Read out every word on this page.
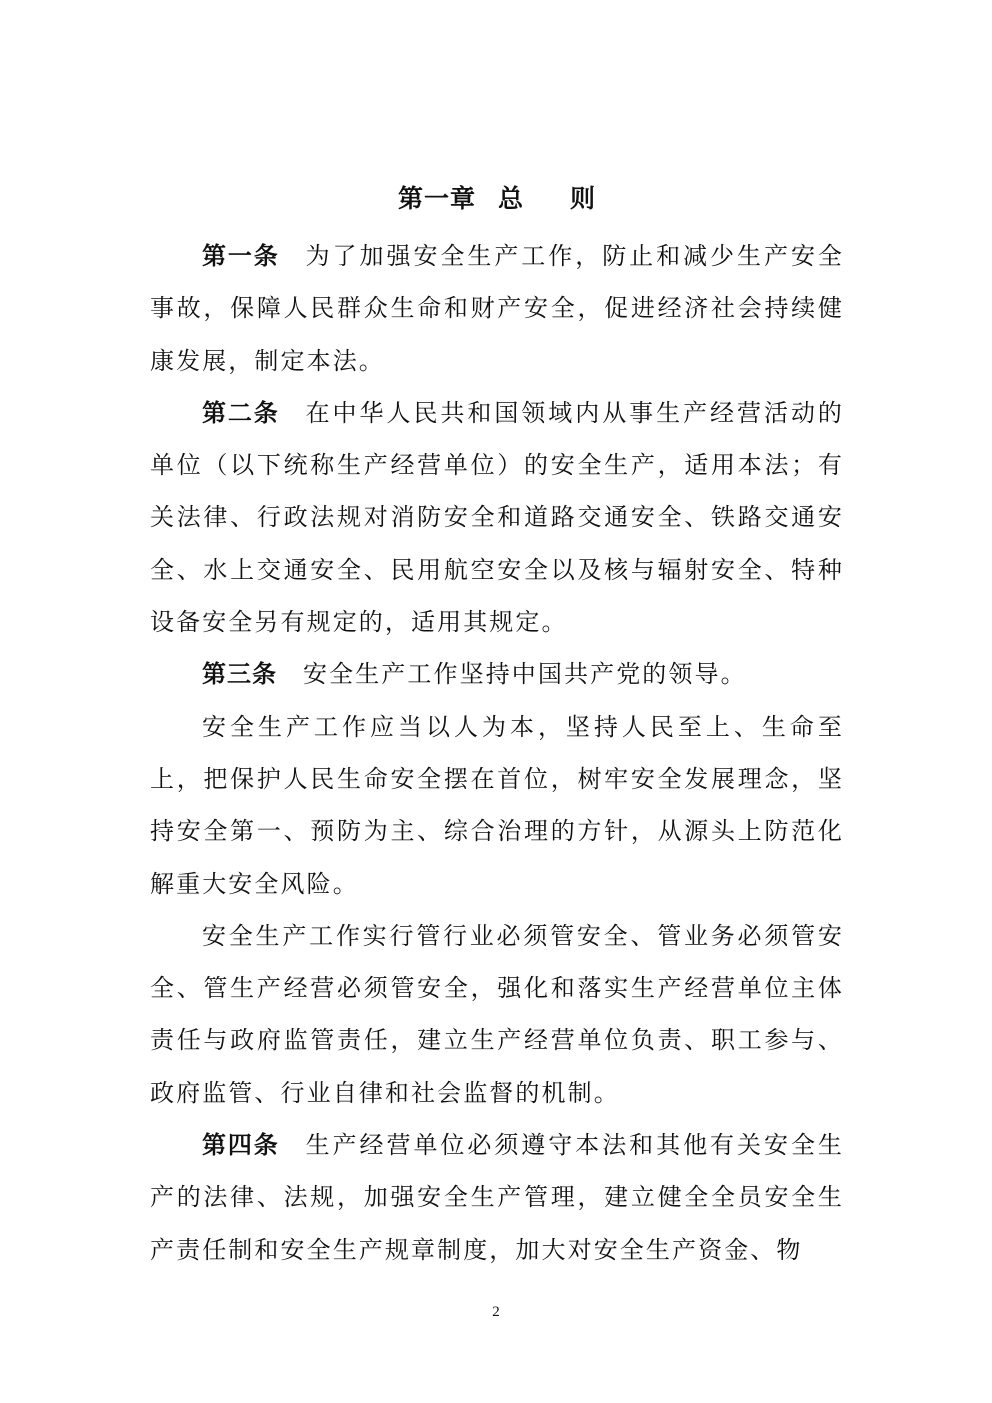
第一章 总 则

第一条 为了加强安全生产工作，防止和减少生产安全事故，保障人民群众生命和财产安全，促进经济社会持续健康发展，制定本法。

第二条 在中华人民共和国领域内从事生产经营活动的单位（以下统称生产经营单位）的安全生产，适用本法；有关法律、行政法规对消防安全和道路交通安全、铁路交通安全、水上交通安全、民用航空安全以及核与辐射安全、特种设备安全另有规定的，适用其规定。

第三条 安全生产工作坚持中国共产党的领导。

安全生产工作应当以人为本，坚持人民至上、生命至上，把保护人民生命安全摆在首位，树牢安全发展理念，坚持安全第一、预防为主、综合治理的方针，从源头上防范化解重大安全风险。

安全生产工作实行管行业必须管安全、管业务必须管安全、管生产经营必须管安全，强化和落实生产经营单位主体责任与政府监管责任，建立生产经营单位负责、职工参与、政府监管、行业自律和社会监督的机制。

第四条 生产经营单位必须遵守本法和其他有关安全生产的法律、法规，加强安全生产管理，建立健全全员安全生产责任制和安全生产规章制度，加大对安全生产资金、物

2
